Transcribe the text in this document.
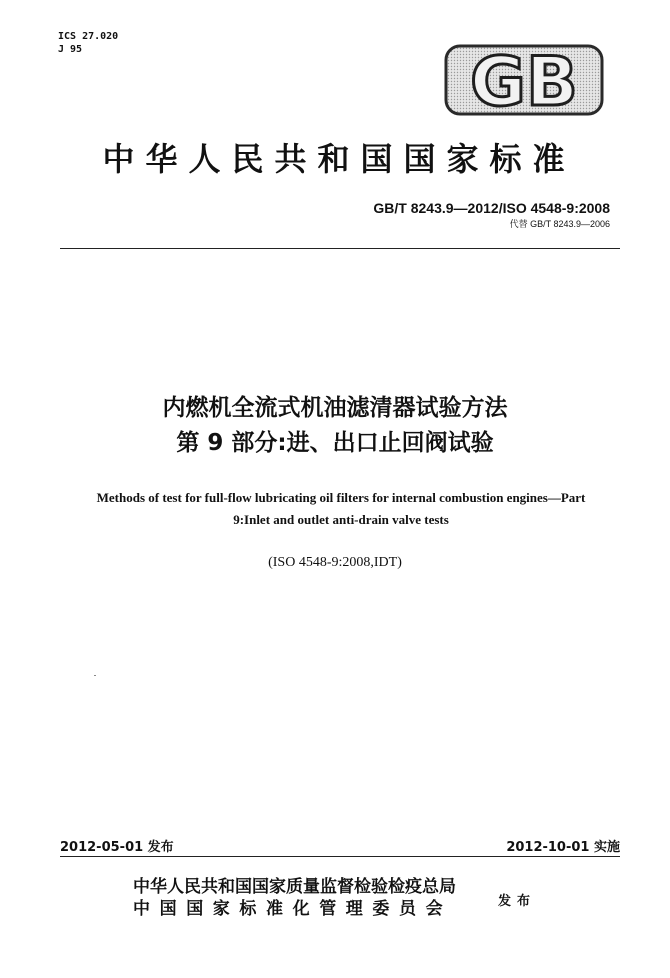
ICS 27.020
J 95	GB
中华人民共和国国家标准
GB/T 8243.9—2012/ISO 4548-9:2008
代替 GB/T 8243.9—2006
内燃机全流式机油滤清器试验方法
第 9 部分:进、出口止回阀试验
Methods of test for full-flow lubricating oil filters for internal combustion engines—Part 9:Inlet and outlet anti-drain valve tests
(ISO 4548-9:2008,IDT)
2012-05-01 发布	2012-10-01 实施
中华人民共和国国家质量监督检验检疫总局
中国国家标准化管理委员会	发布
